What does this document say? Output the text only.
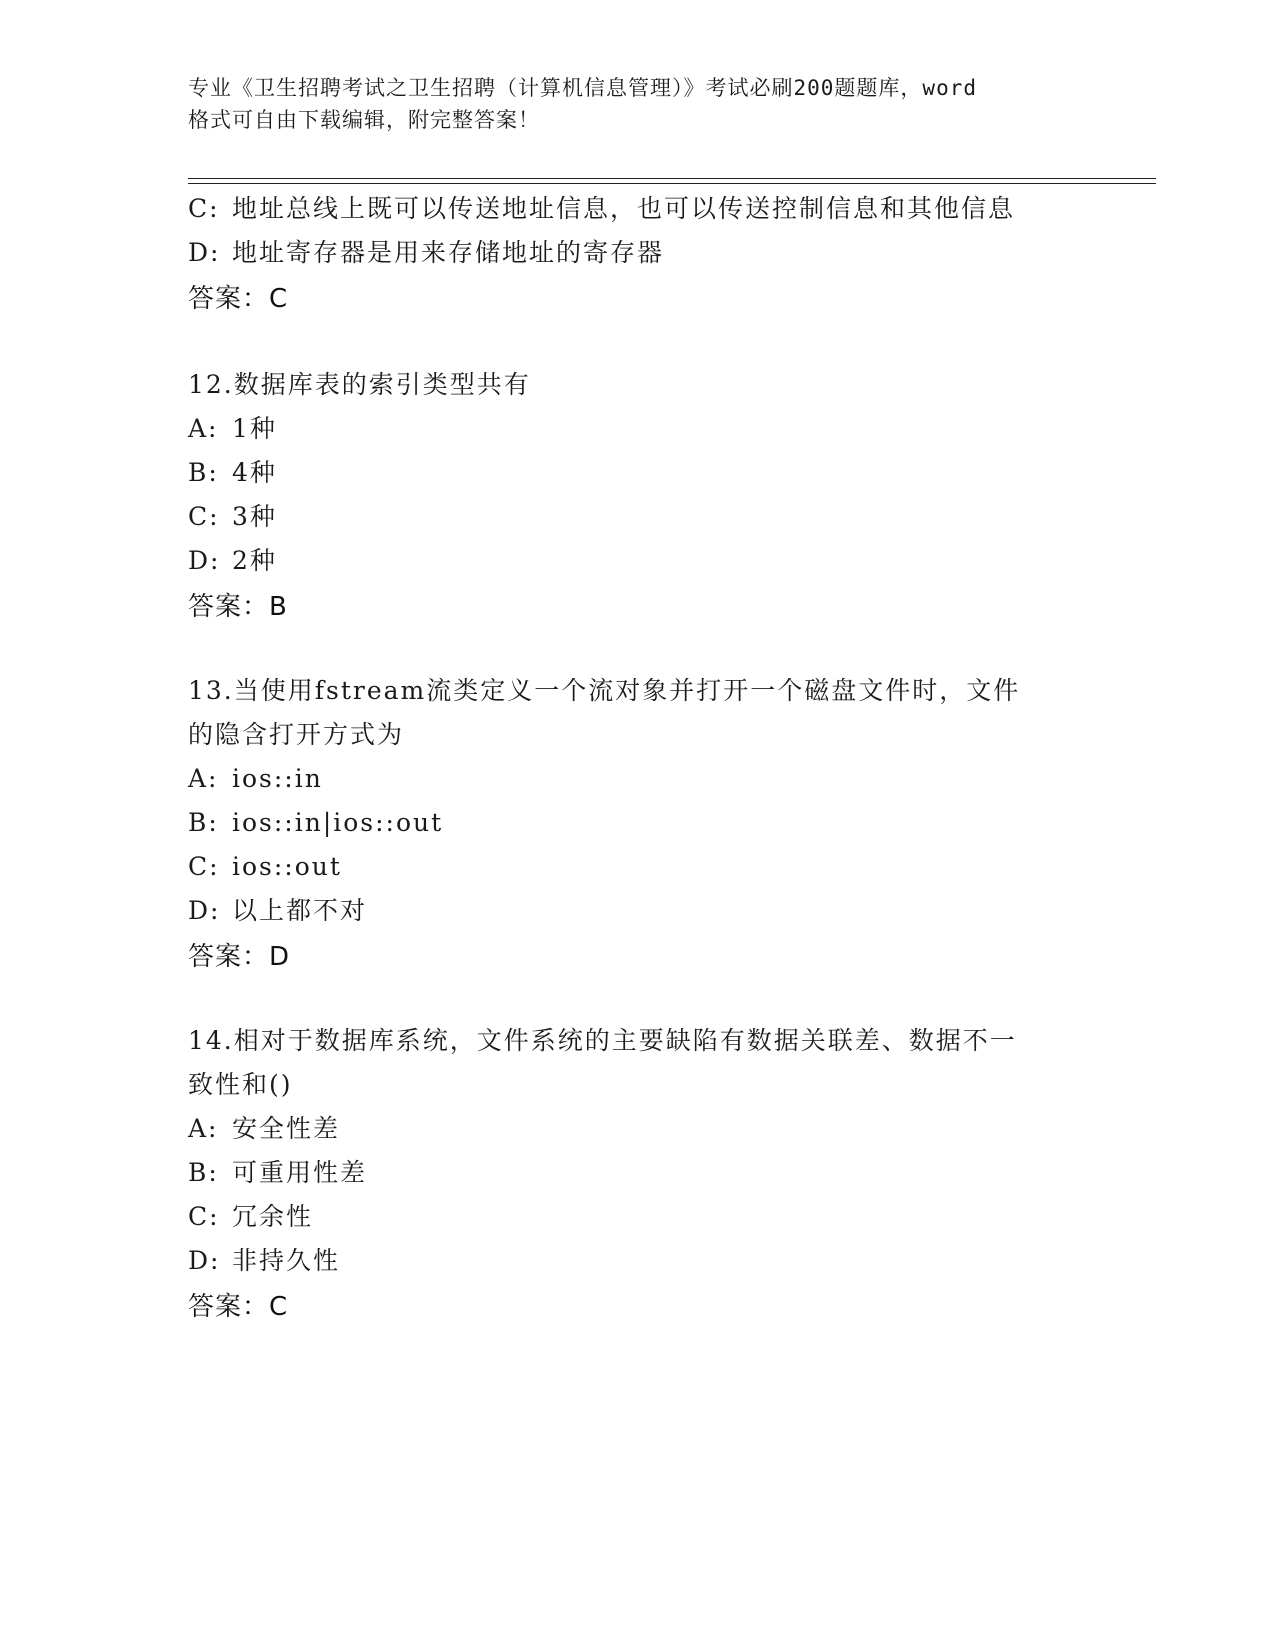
专业《卫生招聘考试之卫生招聘（计算机信息管理）》考试必刷200题题库，word
格式可自由下载编辑，附完整答案！
C: 地址总线上既可以传送地址信息，也可以传送控制信息和其他信息
D: 地址寄存器是用来存储地址的寄存器
答案：C
12.数据库表的索引类型共有
A: 1种
B: 4种
C: 3种
D: 2种
答案：B
13.当使用fstream流类定义一个流对象并打开一个磁盘文件时，文件
的隐含打开方式为
A: ios::in
B: ios::in|ios::out
C: ios::out
D: 以上都不对
答案：D
14.相对于数据库系统，文件系统的主要缺陷有数据关联差、数据不一
致性和()
A: 安全性差
B: 可重用性差
C: 冗余性
D: 非持久性
答案：C
